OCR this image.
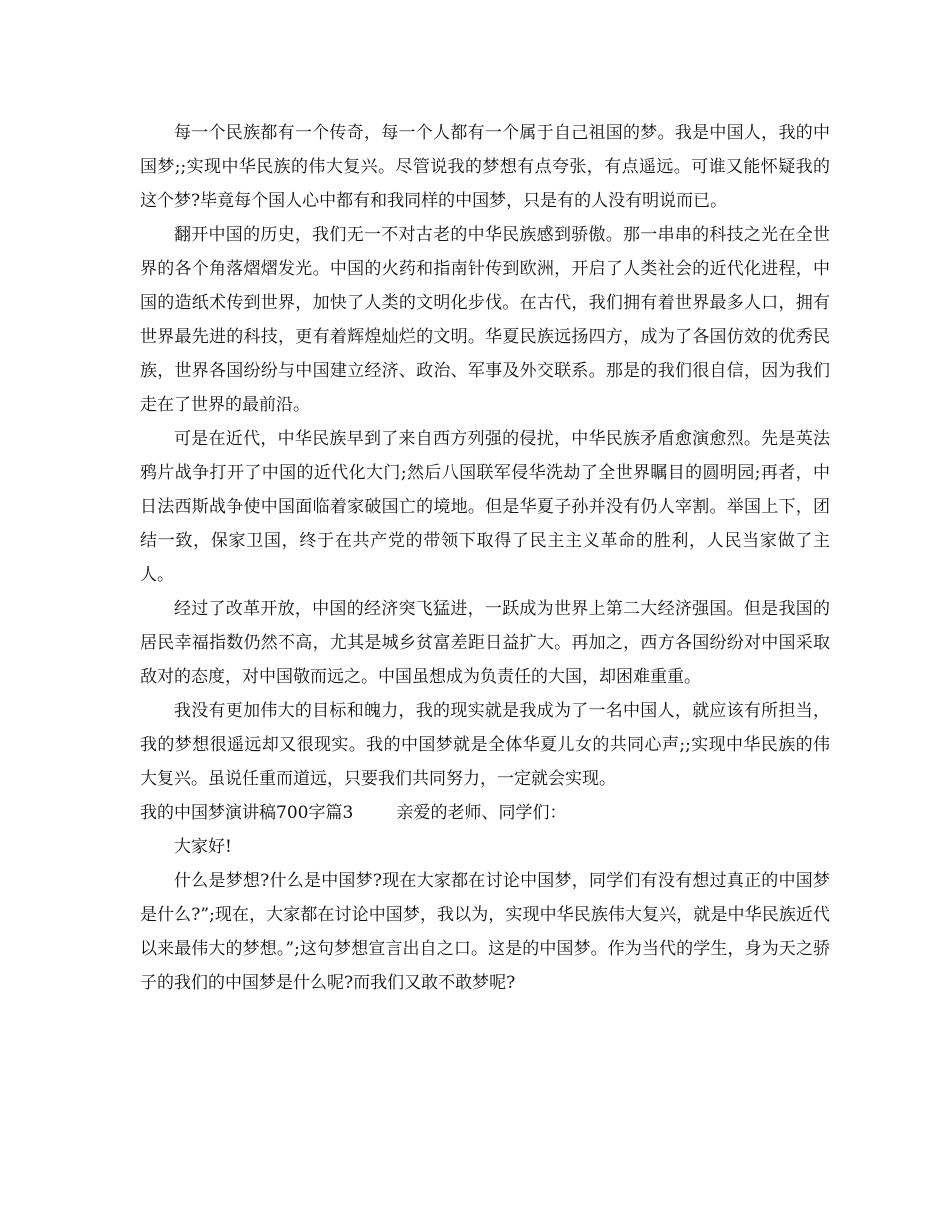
每一个民族都有一个传奇，每一个人都有一个属于自己祖国的梦。我是中国人，我的中国梦;;实现中华民族的伟大复兴。尽管说我的梦想有点夸张，有点遥远。可谁又能怀疑我的这个梦?毕竟每个国人心中都有和我同样的中国梦，只是有的人没有明说而已。

翻开中国的历史，我们无一不对古老的中华民族感到骄傲。那一串串的科技之光在全世界的各个角落熠熠发光。中国的火药和指南针传到欧洲，开启了人类社会的近代化进程，中国的造纸术传到世界，加快了人类的文明化步伐。在古代，我们拥有着世界最多人口，拥有世界最先进的科技，更有着辉煌灿烂的文明。华夏民族远扬四方，成为了各国仿效的优秀民族，世界各国纷纷与中国建立经济、政治、军事及外交联系。那是的我们很自信，因为我们走在了世界的最前沿。

可是在近代，中华民族早到了来自西方列强的侵扰，中华民族矛盾愈演愈烈。先是英法鸦片战争打开了中国的近代化大门;然后八国联军侵华洗劫了全世界瞩目的圆明园;再者，中日法西斯战争使中国面临着家破国亡的境地。但是华夏子孙并没有仍人宰割。举国上下，团结一致，保家卫国，终于在共产党的带领下取得了民主主义革命的胜利，人民当家做了主人。

经过了改革开放，中国的经济突飞猛进，一跃成为世界上第二大经济强国。但是我国的居民幸福指数仍然不高，尤其是城乡贫富差距日益扩大。再加之，西方各国纷纷对中国采取敌对的态度，对中国敬而远之。中国虽想成为负责任的大国，却困难重重。

我没有更加伟大的目标和魄力，我的现实就是我成为了一名中国人，就应该有所担当，我的梦想很遥远却又很现实。我的中国梦就是全体华夏儿女的共同心声;;实现中华民族的伟大复兴。虽说任重而道远，只要我们共同努力，一定就会实现。

我的中国梦演讲稿700字篇3	亲爱的老师、同学们：

大家好!

什么是梦想?什么是中国梦?现在大家都在讨论中国梦，同学们有没有想过真正的中国梦是什么?”;现在，大家都在讨论中国梦，我以为，实现中华民族伟大复兴，就是中华民族近代以来最伟大的梦想。”;这句梦想宣言出自之口。这是的中国梦。作为当代的学生，身为天之骄子的我们的中国梦是什么呢?而我们又敢不敢梦呢?
